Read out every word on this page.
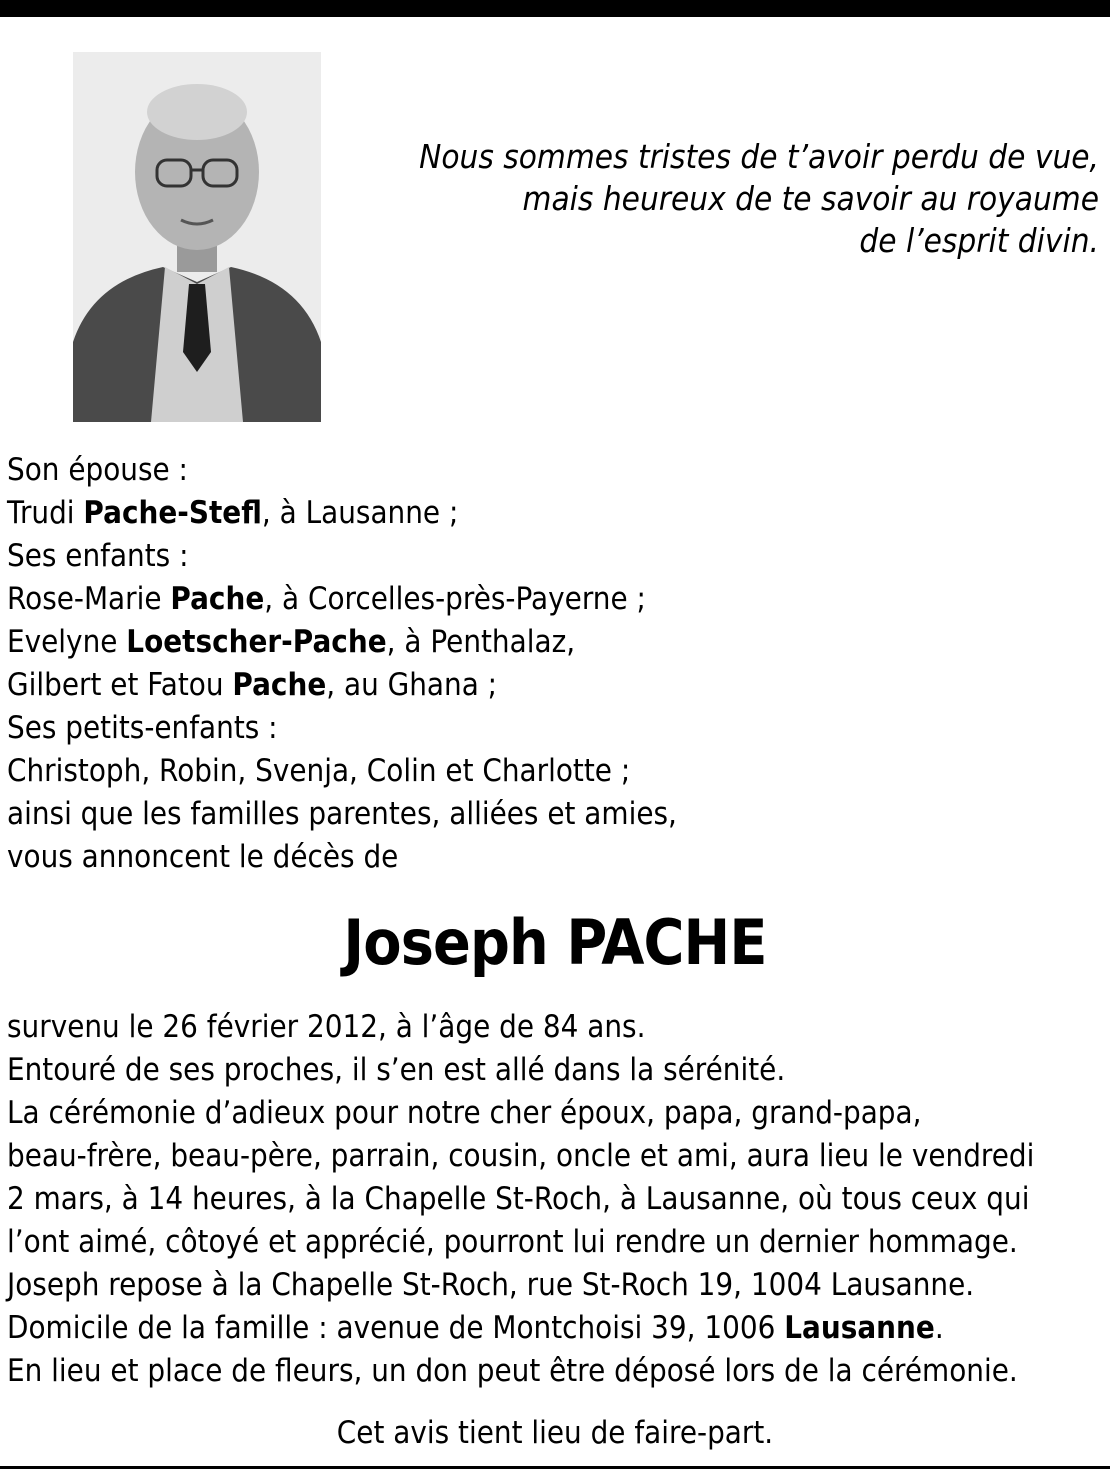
Nous sommes tristes de t’avoir perdu de vue,
mais heureux de te savoir au royaume
de l’esprit divin.
Son épouse :
Trudi Pache-Stefl, à Lausanne ;
Ses enfants :
Rose-Marie Pache, à Corcelles-près-Payerne ;
Evelyne Loetscher-Pache, à Penthalaz,
Gilbert et Fatou Pache, au Ghana ;
Ses petits-enfants :
Christoph, Robin, Svenja, Colin et Charlotte ;
ainsi que les familles parentes, alliées et amies,
vous annoncent le décès de
Joseph PACHE
survenu le 26 février 2012, à l’âge de 84 ans.
Entouré de ses proches, il s’en est allé dans la sérénité.
La cérémonie d’adieux pour notre cher époux, papa, grand-papa,
beau-frère, beau-père, parrain, cousin, oncle et ami, aura lieu le vendredi
2 mars, à 14 heures, à la Chapelle St-Roch, à Lausanne, où tous ceux qui
l’ont aimé, côtoyé et apprécié, pourront lui rendre un dernier hommage.
Joseph repose à la Chapelle St-Roch, rue St-Roch 19, 1004 Lausanne.
Domicile de la famille : avenue de Montchoisi 39, 1006 Lausanne.
En lieu et place de fleurs, un don peut être déposé lors de la cérémonie.
Cet avis tient lieu de faire-part.
